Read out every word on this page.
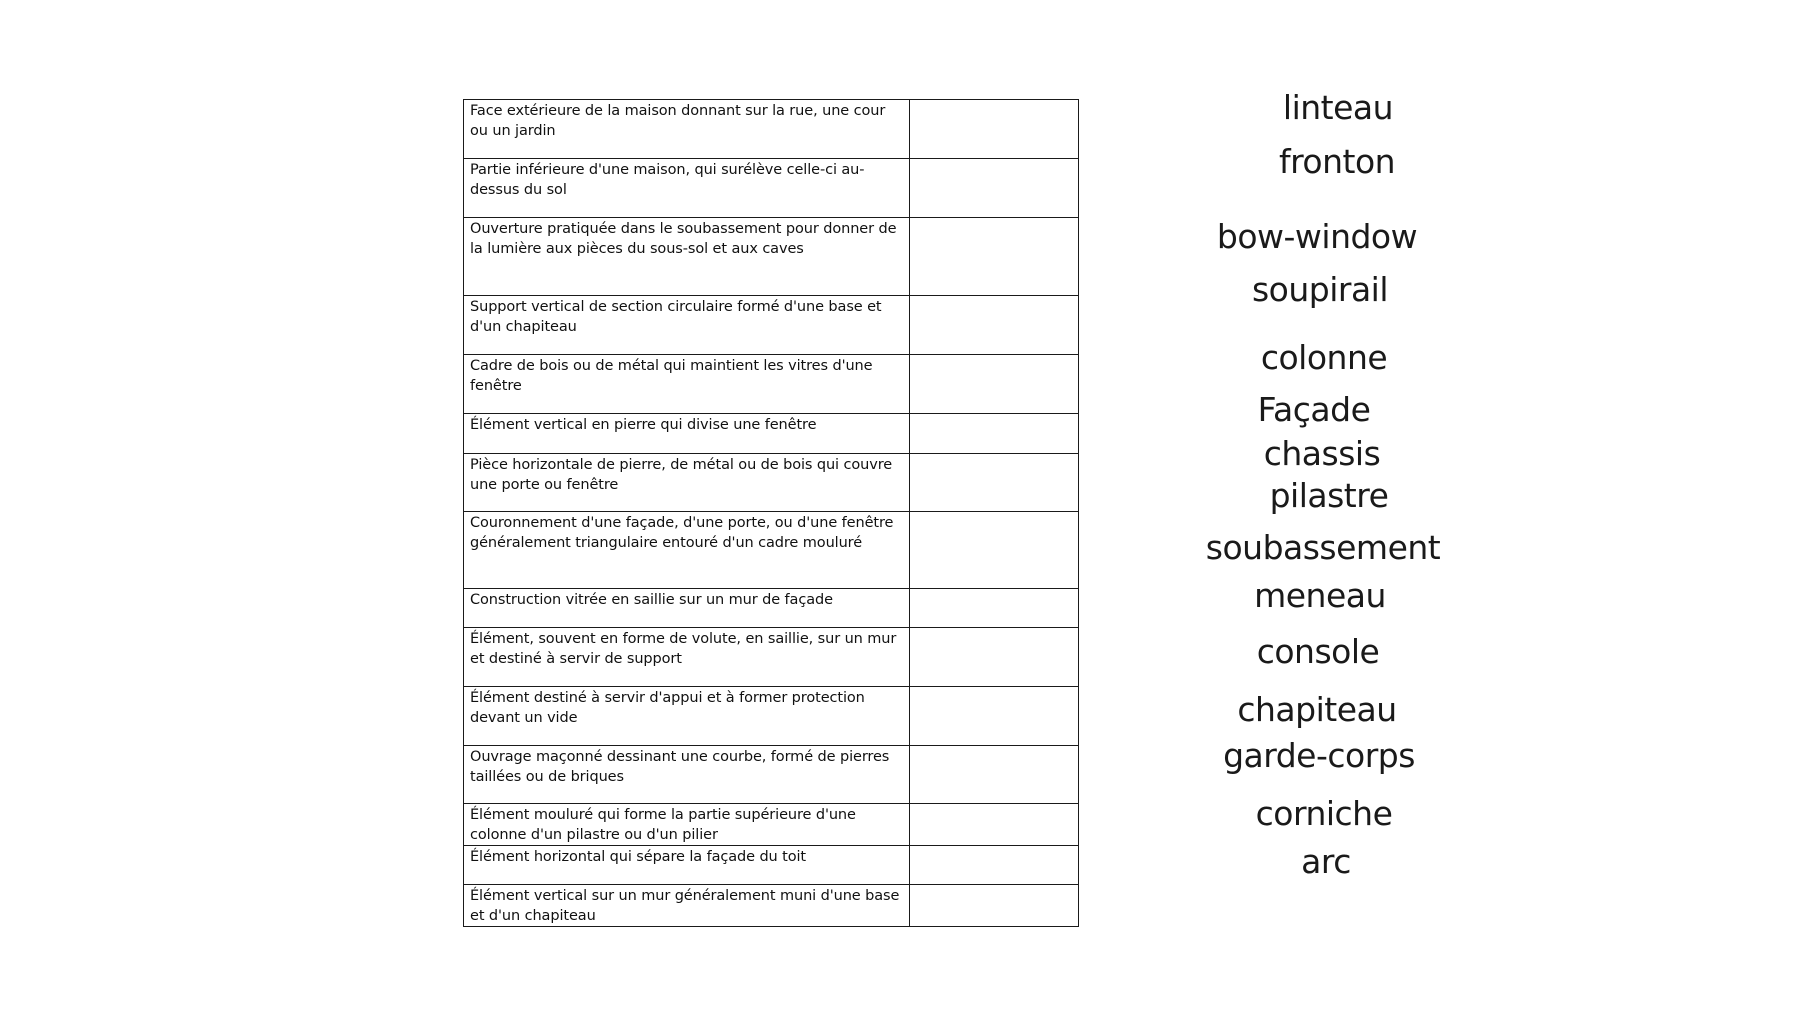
Face extérieure de la maison donnant sur la rue, une cour ou un jardin	
Partie inférieure d'une maison, qui surélève celle-ci au-dessus du sol	
Ouverture pratiquée dans le soubassement pour donner de la lumière aux pièces du sous-sol et aux caves	
Support vertical de section circulaire formé d'une base et d'un chapiteau	
Cadre de bois ou de métal qui maintient les vitres d'une fenêtre	
Élément vertical en pierre qui divise une fenêtre	
Pièce horizontale de pierre, de métal ou de bois qui couvre une porte ou fenêtre	
Couronnement d'une façade, d'une porte, ou d'une fenêtre généralement triangulaire entouré d'un cadre mouluré	
Construction vitrée en saillie sur un mur de façade	
Élément, souvent en forme de volute, en saillie, sur un mur et destiné à servir de support	
Élément destiné à servir d'appui et à former protection devant un vide	
Ouvrage maçonné dessinant une courbe, formé de pierres taillées ou de briques	
Élément mouluré qui forme la partie supérieure d'une colonne d'un pilastre ou d'un pilier	
Élément horizontal qui sépare la façade du toit	
Élément vertical sur un mur généralement muni d'une base et d'un chapiteau	
linteau
fronton
bow-window
soupirail
colonne
Façade
chassis
pilastre
soubassement
meneau
console
chapiteau
garde-corps
corniche
arc
